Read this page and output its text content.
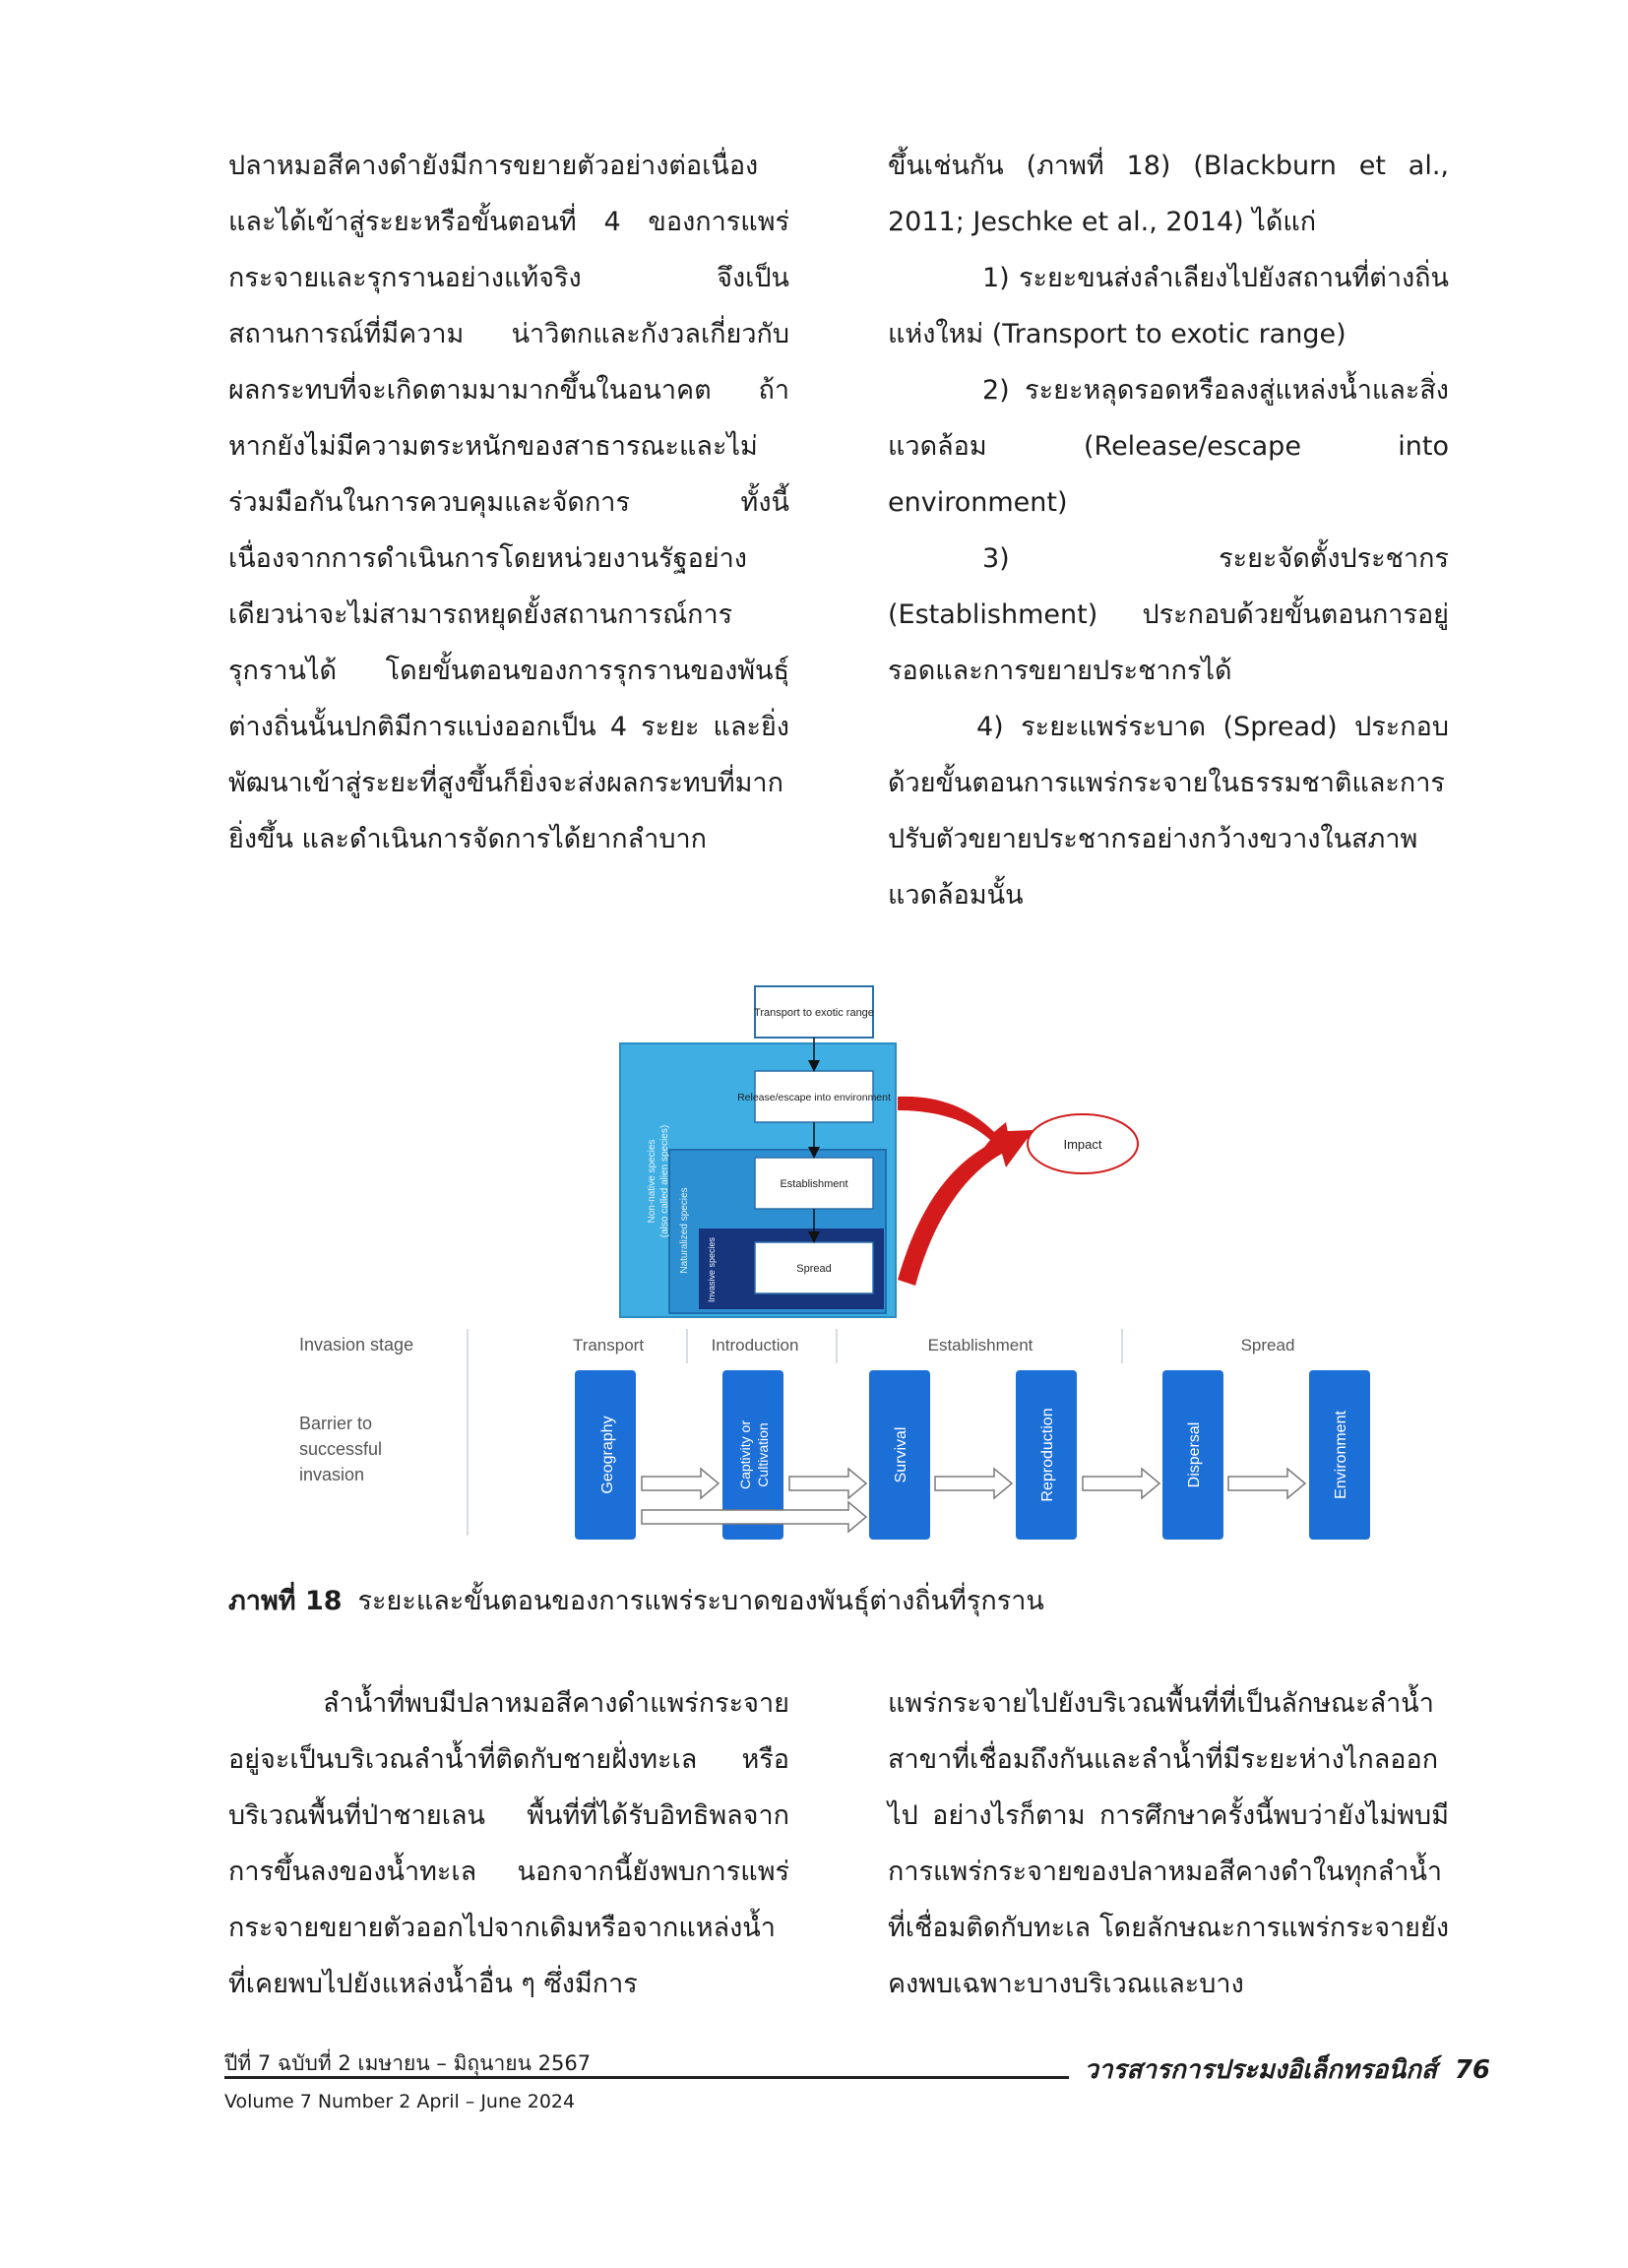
ปลาหมอสีคางดำยังมีการขยายตัวอย่างต่อเนื่องและได้เข้าสู่ระยะหรือขั้นตอนที่ 4 ของการแพร่กระจายและรุกรานอย่างแท้จริง จึงเป็นสถานการณ์ที่มีความ น่าวิตกและกังวลเกี่ยวกับผลกระทบที่จะเกิดตามมามากขึ้นในอนาคต ถ้าหากยังไม่มีความตระหนักของสาธารณะและไม่ร่วมมือกันในการควบคุมและจัดการ ทั้งนี้เนื่องจากการดำเนินการโดยหน่วยงานรัฐอย่างเดียวน่าจะไม่สามารถหยุดยั้งสถานการณ์การรุกรานได้ โดยขั้นตอนของการรุกรานของพันธุ์ต่างถิ่นนั้นปกติมีการแบ่งออกเป็น 4 ระยะ และยิ่งพัฒนาเข้าสู่ระยะที่สูงขึ้นก็ยิ่งจะส่งผลกระทบที่มากยิ่งขึ้น และดำเนินการจัดการได้ยากลำบาก

ขึ้นเช่นกัน (ภาพที่ 18) (Blackburn et al., 2011; Jeschke et al., 2014) ได้แก่

1) ระยะขนส่งลำเลียงไปยังสถานที่ต่างถิ่นแห่งใหม่ (Transport to exotic range)

2) ระยะหลุดรอดหรือลงสู่แหล่งน้ำและสิ่งแวดล้อม (Release/escape into environment)

3) ระยะจัดตั้งประชากร (Establishment) ประกอบด้วยขั้นตอนการอยู่รอดและการขยายประชากรได้

4) ระยะแพร่ระบาด (Spread) ประกอบด้วยขั้นตอนการแพร่กระจายในธรรมชาติและการปรับตัวขยายประชากรอย่างกว้างขวางในสภาพแวดล้อมนั้น

Non-native species (also called alien species) Naturalized species Invasive species
Transport to exotic range
Release/escape into environment
Establishment
Spread
Impact
Invasion stage
Barrier to successful invasion
Transport	Introduction	Establishment	Spread
Geography	Captivity or Cultivation	Survival	Reproduction	Dispersal	Environment
ภาพที่ 18 ระยะและขั้นตอนของการแพร่ระบาดของพันธุ์ต่างถิ่นที่รุกราน

ลำน้ำที่พบมีปลาหมอสีคางดำแพร่กระจายอยู่จะเป็นบริเวณลำน้ำที่ติดกับชายฝั่งทะเล หรือบริเวณพื้นที่ป่าชายเลน พื้นที่ที่ได้รับอิทธิพลจากการขึ้นลงของน้ำทะเล นอกจากนี้ยังพบการแพร่กระจายขยายตัวออกไปจากเดิมหรือจากแหล่งน้ำที่เคยพบไปยังแหล่งน้ำอื่น ๆ ซึ่งมีการ

แพร่กระจายไปยังบริเวณพื้นที่ที่เป็นลักษณะลำน้ำสาขาที่เชื่อมถึงกันและลำน้ำที่มีระยะห่างไกลออกไป อย่างไรก็ตาม การศึกษาครั้งนี้พบว่ายังไม่พบมีการแพร่กระจายของปลาหมอสีคางดำในทุกลำน้ำที่เชื่อมติดกับทะเล โดยลักษณะการแพร่กระจายยังคงพบเฉพาะบางบริเวณและบาง

ปีที่ 7 ฉบับที่ 2 เมษายน – มิถุนายน 2567
Volume 7 Number 2 April – June 2024
วารสารการประมงอิเล็กทรอนิกส์ 76
